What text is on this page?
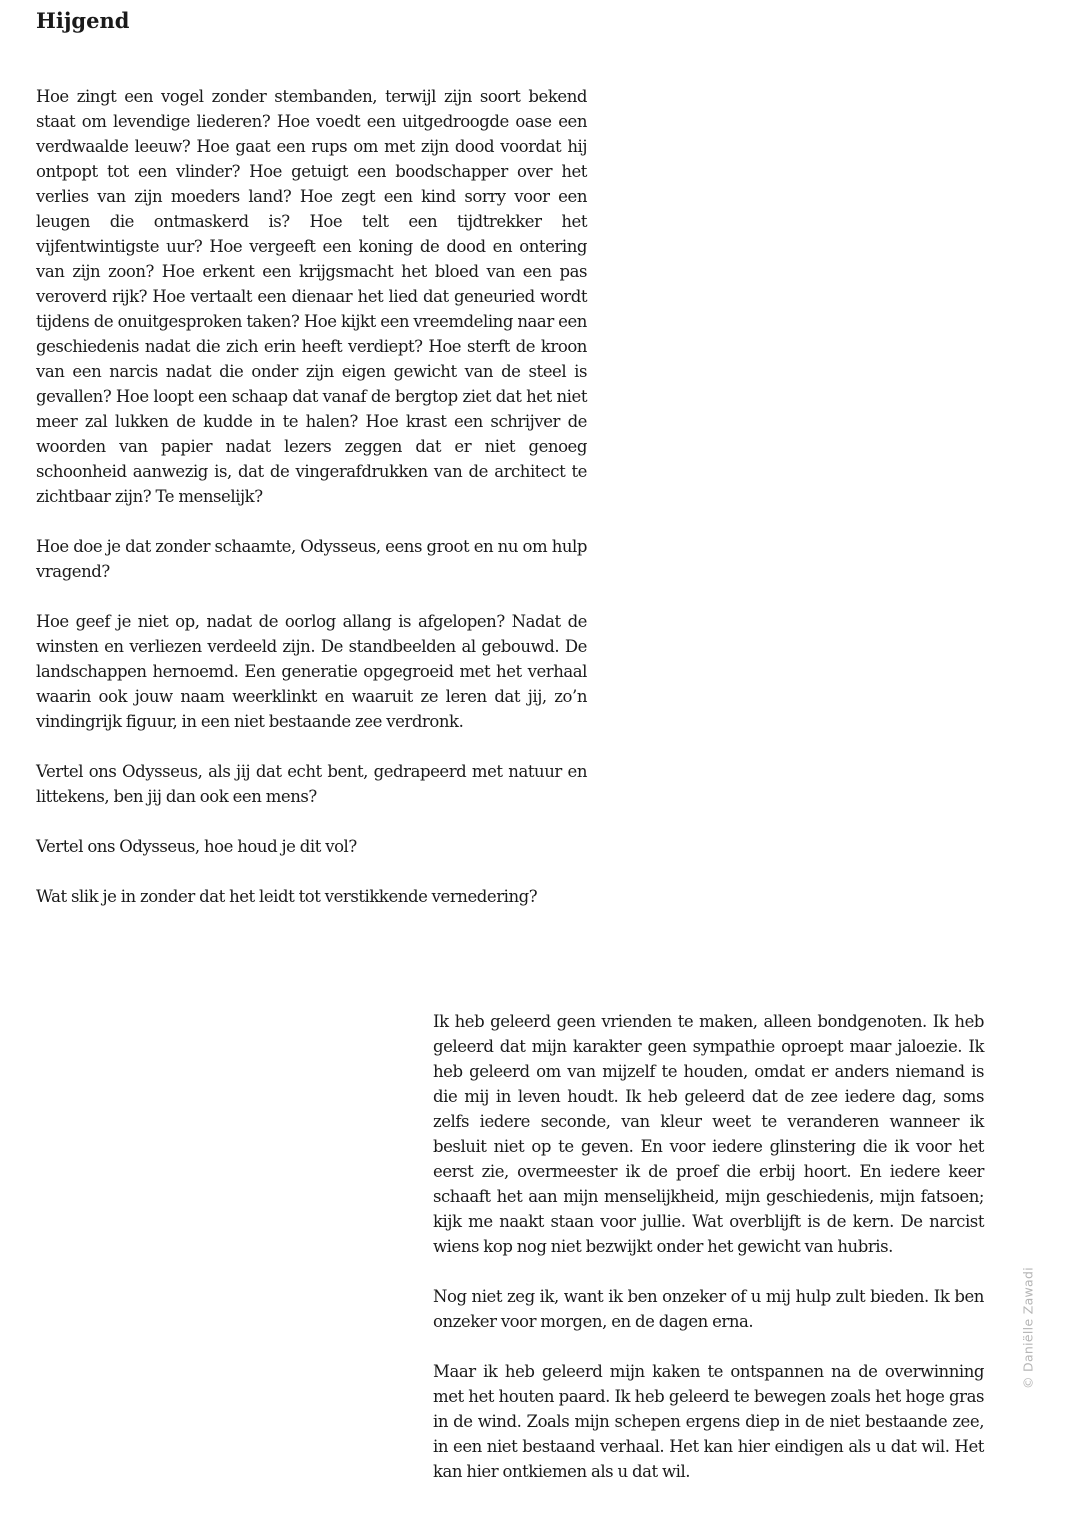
Hijgend

Hoe zingt een vogel zonder stembanden, terwijl zijn soort bekend staat om levendige liederen? Hoe voedt een uitgedroogde oase een verdwaalde leeuw? Hoe gaat een rups om met zijn dood voordat hij ontpopt tot een vlinder? Hoe getuigt een boodschapper over het verlies van zijn moeders land? Hoe zegt een kind sorry voor een leugen die ontmaskerd is? Hoe telt een tijdtrekker het vijfentwintigste uur? Hoe vergeeft een koning de dood en ontering van zijn zoon? Hoe erkent een krijgsmacht het bloed van een pas veroverd rijk? Hoe vertaalt een dienaar het lied dat geneuried wordt tijdens de onuitgesproken taken? Hoe kijkt een vreemdeling naar een geschiedenis nadat die zich erin heeft verdiept? Hoe sterft de kroon van een narcis nadat die onder zijn eigen gewicht van de steel is gevallen? Hoe loopt een schaap dat vanaf de bergtop ziet dat het niet meer zal lukken de kudde in te halen? Hoe krast een schrijver de woorden van papier nadat lezers zeggen dat er niet genoeg schoonheid aanwezig is, dat de vingerafdrukken van de architect te zichtbaar zijn? Te menselijk?

Hoe doe je dat zonder schaamte, Odysseus, eens groot en nu om hulp vragend?

Hoe geef je niet op, nadat de oorlog allang is afgelopen? Nadat de winsten en verliezen verdeeld zijn. De standbeelden al gebouwd. De landschappen hernoemd. Een generatie opgegroeid met het verhaal waarin ook jouw naam weerklinkt en waaruit ze leren dat jij, zo’n vindingrijk figuur, in een niet bestaande zee verdronk.

Vertel ons Odysseus, als jij dat echt bent, gedrapeerd met natuur en littekens, ben jij dan ook een mens?

Vertel ons Odysseus, hoe houd je dit vol?

Wat slik je in zonder dat het leidt tot verstikkende vernedering?

Ik heb geleerd geen vrienden te maken, alleen bondgenoten. Ik heb geleerd dat mijn karakter geen sympathie oproept maar jaloezie. Ik heb geleerd om van mijzelf te houden, omdat er anders niemand is die mij in leven houdt. Ik heb geleerd dat de zee iedere dag, soms zelfs iedere seconde, van kleur weet te veranderen wanneer ik besluit niet op te geven. En voor iedere glinstering die ik voor het eerst zie, overmeester ik de proef die erbij hoort. En iedere keer schaaft het aan mijn menselijkheid, mijn geschiedenis, mijn fatsoen; kijk me naakt staan voor jullie. Wat overblijft is de kern. De narcist wiens kop nog niet bezwijkt onder het gewicht van hubris.

Nog niet zeg ik, want ik ben onzeker of u mij hulp zult bieden. Ik ben onzeker voor morgen, en de dagen erna.

Maar ik heb geleerd mijn kaken te ontspannen na de overwinning met het houten paard. Ik heb geleerd te bewegen zoals het hoge gras in de wind. Zoals mijn schepen ergens diep in de niet bestaande zee, in een niet bestaand verhaal. Het kan hier eindigen als u dat wil. Het kan hier ontkiemen als u dat wil.

© Daniëlle Zawadi
